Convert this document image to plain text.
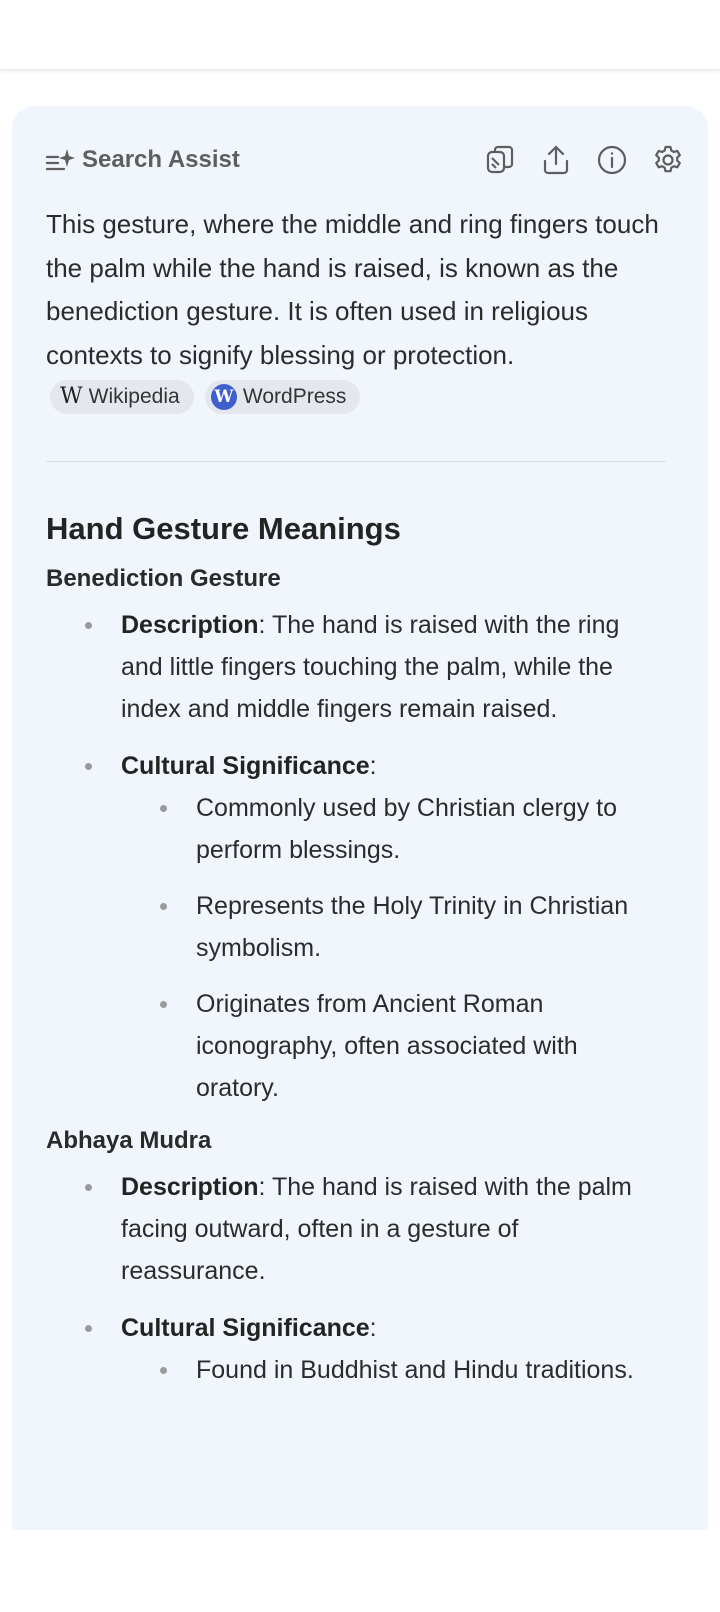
Search Assist
This gesture, where the middle and ring fingers touch the palm while the hand is raised, is known as the benediction gesture. It is often used in religious contexts to signify blessing or protection.
W Wikipedia
W WordPress
Hand Gesture Meanings
Benediction Gesture
Description: The hand is raised with the ring and little fingers touching the palm, while the index and middle fingers remain raised.
Cultural Significance:
Commonly used by Christian clergy to perform blessings.
Represents the Holy Trinity in Christian symbolism.
Originates from Ancient Roman iconography, often associated with oratory.
Abhaya Mudra
Description: The hand is raised with the palm facing outward, often in a gesture of reassurance.
Cultural Significance:
Found in Buddhist and Hindu traditions.
